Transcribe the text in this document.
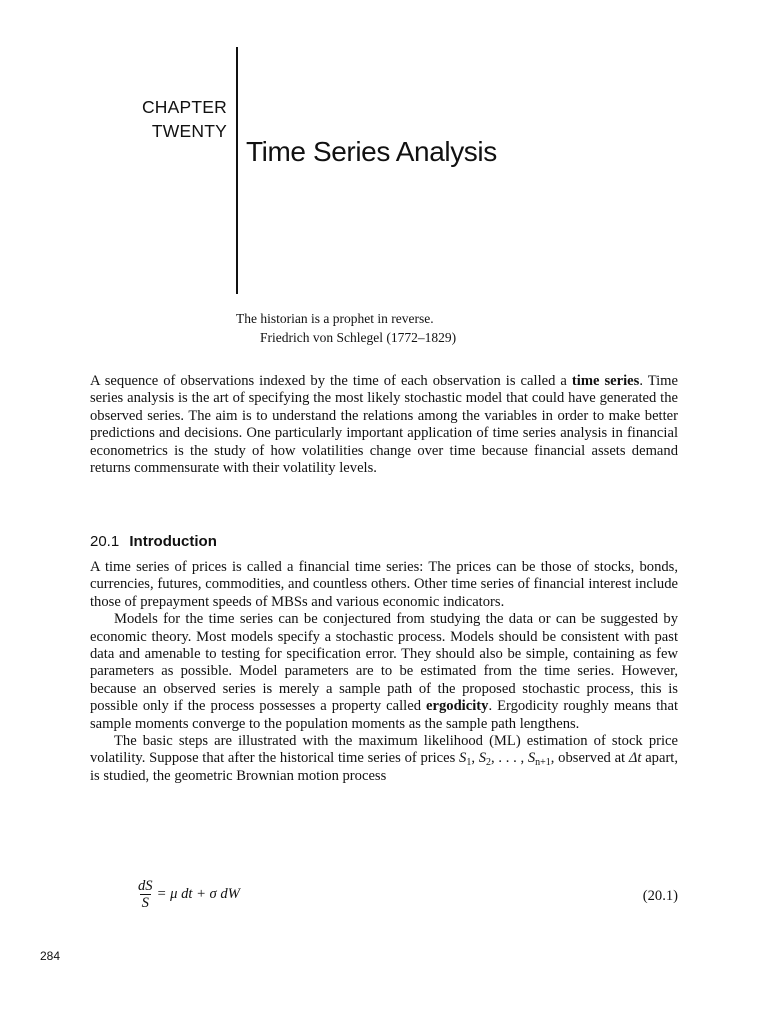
CHAPTER
TWENTY
Time Series Analysis
The historian is a prophet in reverse.
Friedrich von Schlegel (1772–1829)

A sequence of observations indexed by the time of each observation is called a time series. Time series analysis is the art of specifying the most likely stochastic model that could have generated the observed series. The aim is to understand the relations among the variables in order to make better predictions and decisions. One particularly important application of time series analysis in financial econometrics is the study of how volatilities change over time because financial assets demand returns commensurate with their volatility levels.

20.1 Introduction

A time series of prices is called a financial time series: The prices can be those of stocks, bonds, currencies, futures, commodities, and countless others. Other time series of financial interest include those of prepayment speeds of MBSs and various economic indicators.

Models for the time series can be conjectured from studying the data or can be suggested by economic theory. Most models specify a stochastic process. Models should be consistent with past data and amenable to testing for specification error. They should also be simple, containing as few parameters as possible. Model parameters are to be estimated from the time series. However, because an observed series is merely a sample path of the proposed stochastic process, this is possible only if the process possesses a property called ergodicity. Ergodicity roughly means that sample moments converge to the population moments as the sample path lengthens.

The basic steps are illustrated with the maximum likelihood (ML) estimation of stock price volatility. Suppose that after the historical time series of prices $S_1$, $S_2$, . . . , $S_{n+1}$, observed at Δt apart, is studied, the geometric Brownian motion process

$\frac{dS}{S} = \mu$ dt + σ dW	(20.1)
284
